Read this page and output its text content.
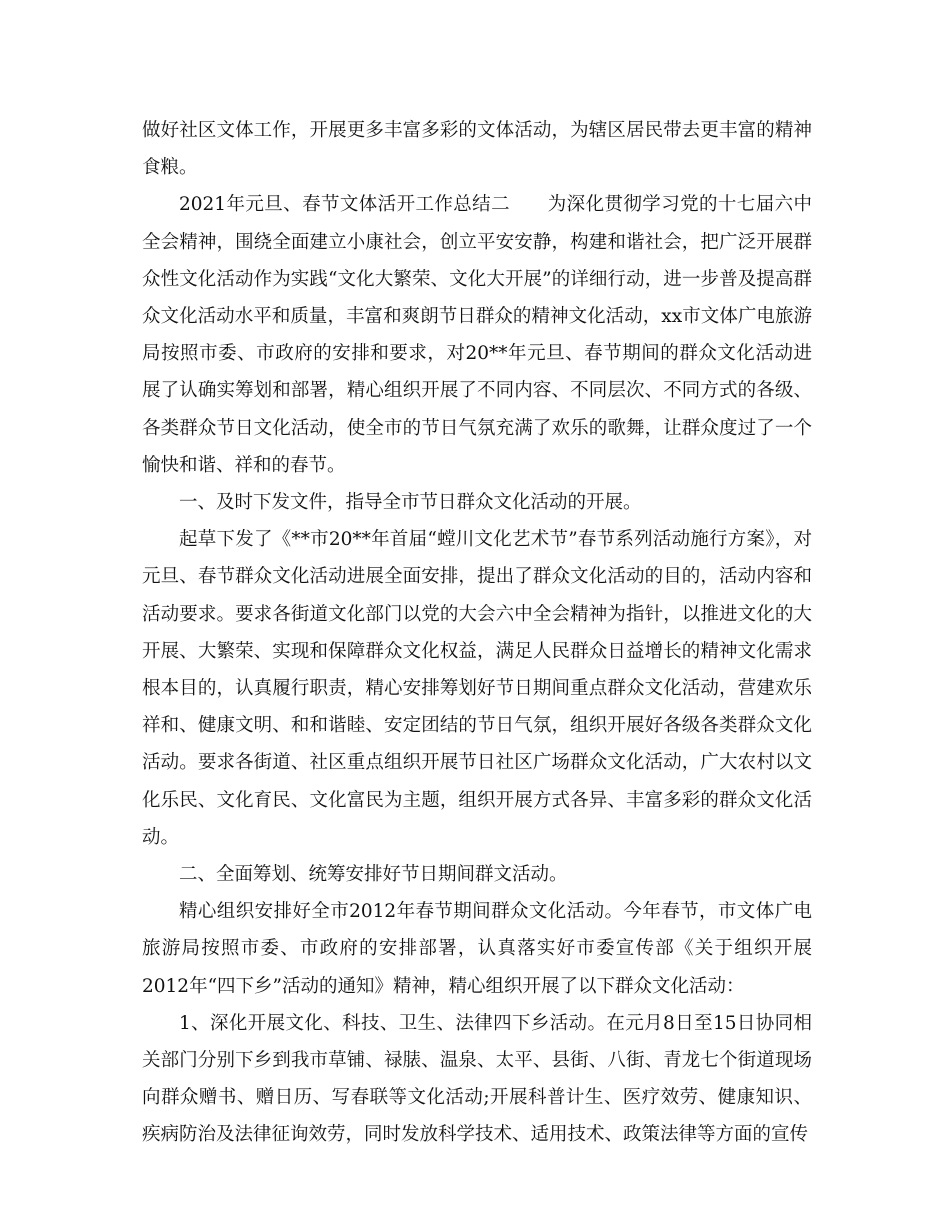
做好社区文体工作，开展更多丰富多彩的文体活动，为辖区居民带去更丰富的精神食粮。

2021年元旦、春节文体活开工作总结二　　为深化贯彻学习党的十七届六中全会精神，围绕全面建立小康社会，创立平安安静，构建和谐社会，把广泛开展群众性文化活动作为实践“文化大繁荣、文化大开展”的详细行动，进一步普及提高群众文化活动水平和质量，丰富和爽朗节日群众的精神文化活动，xx市文体广电旅游局按照市委、市政府的安排和要求，对20**年元旦、春节期间的群众文化活动进展了认确实筹划和部署，精心组织开展了不同内容、不同层次、不同方式的各级、各类群众节日文化活动，使全市的节日气氛充满了欢乐的歌舞，让群众度过了一个愉快和谐、祥和的春节。

一、及时下发文件，指导全市节日群众文化活动的开展。

起草下发了《**市20**年首届“螳川文化艺术节”春节系列活动施行方案》，对元旦、春节群众文化活动进展全面安排，提出了群众文化活动的目的，活动内容和活动要求。要求各街道文化部门以党的大会六中全会精神为指针，以推进文化的大开展、大繁荣、实现和保障群众文化权益，满足人民群众日益增长的精神文化需求根本目的，认真履行职责，精心安排筹划好节日期间重点群众文化活动，营建欢乐祥和、健康文明、和和谐睦、安定团结的节日气氛，组织开展好各级各类群众文化活动。要求各街道、社区重点组织开展节日社区广场群众文化活动，广大农村以文化乐民、文化育民、文化富民为主题，组织开展方式各异、丰富多彩的群众文化活动。

二、全面筹划、统筹安排好节日期间群文活动。

精心组织安排好全市2012年春节期间群众文化活动。今年春节，市文体广电旅游局按照市委、市政府的安排部署，认真落实好市委宣传部《关于组织开展2012年“四下乡”活动的通知》精神，精心组织开展了以下群众文化活动：

1、深化开展文化、科技、卫生、法律四下乡活动。在元月8日至15日协同相关部门分别下乡到我市草铺、禄脿、温泉、太平、县街、八街、青龙七个街道现场向群众赠书、赠日历、写春联等文化活动;开展科普计生、医疗效劳、健康知识、疾病防治及法律征询效劳，同时发放科学技术、适用技术、政策法律等方面的宣传
